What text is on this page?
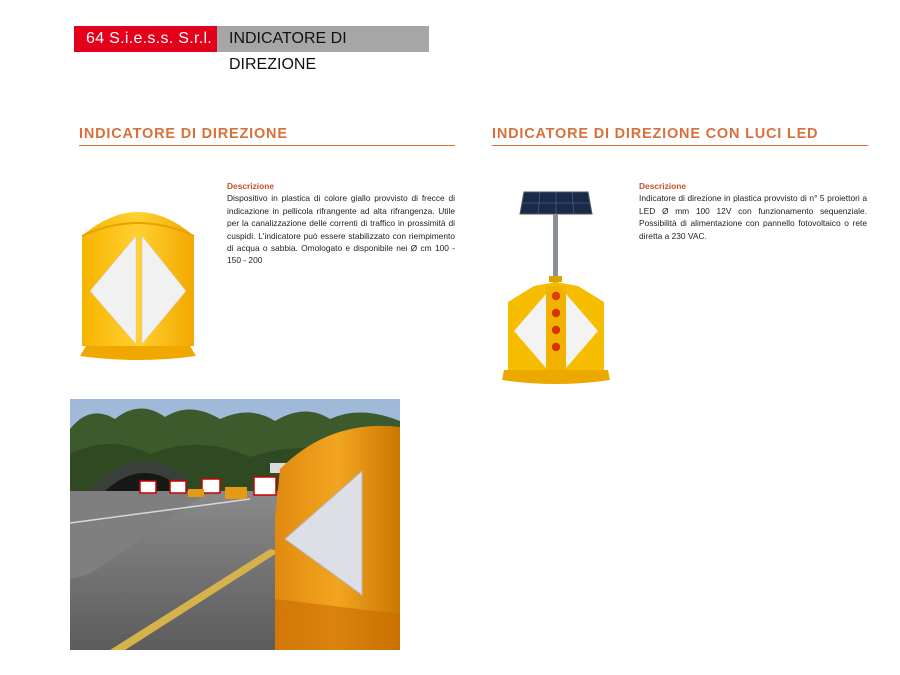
64 S.i.e.s.s. S.r.l.	INDICATORE DI DIREZIONE
INDICATORE DI DIREZIONE	INDICATORE DI DIREZIONE CON LUCI LED
Descrizione
Dispositivo in plastica di colore giallo provvisto di frecce di indicazione in pellicola rifrangente ad alta rifrangenza. Utile per la canalizzazione delle correnti di traffico in prossimità di cuspidi. L'indicatore può essere stabilizzato con riempimento di acqua o sabbia. Omologato e disponibile nei Ø cm 100 - 150 - 200
Descrizione
Indicatore di direzione in plastica provvisto di n° 5 proiettori a LED Ø mm 100 12V con funzionamento sequenziale. Possibilità di alimentazione con pannello fotovoltaico o rete diretta a 230 VAC.
